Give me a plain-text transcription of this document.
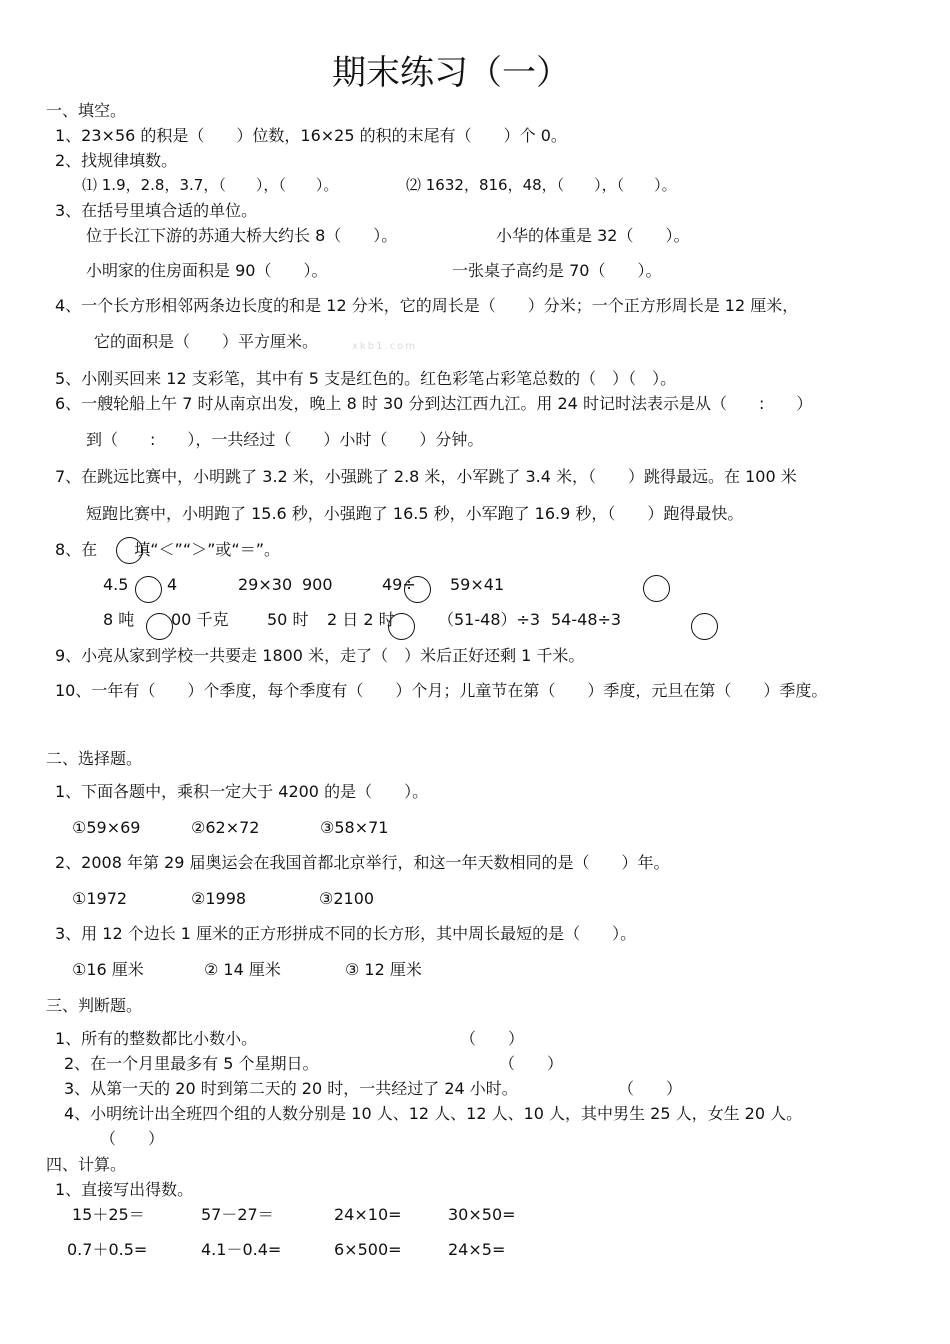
期末练习（一）
一、填空。
1、23×56 的积是（　　）位数，16×25 的积的末尾有（　　）个 0。
2、找规律填数。
⑴ 1.9，2.8，3.7，（　　），（　　）。	⑵ 1632，816，48，（　　），（　　）。
3、在括号里填合适的单位。
位于长江下游的苏通大桥大约长 8（　　）。	小华的体重是 32（　　）。
小明家的住房面积是 90（　　）。	一张桌子高约是 70（　　）。
4、一个长方形相邻两条边长度的和是 12 分米，它的周长是（　　）分米；一个正方形周长是 12 厘米，
它的面积是（　　）平方厘米。	xkb1.com
5、小刚买回来 12 支彩笔，其中有 5 支是红色的。红色彩笔占彩笔总数的（　）（　）。
6、一艘轮船上午 7 时从南京出发，晚上 8 时 30 分到达江西九江。用 24 时记时法表示是从（　　:　　）
到（　　:　　），一共经过（　　）小时（　　）分钟。
7、在跳远比赛中，小明跳了 3.2 米，小强跳了 2.8 米，小军跳了 3.4 米，（　　）跳得最远。在 100 米
短跑比赛中，小明跑了 15.6 秒，小强跑了 16.5 秒，小军跑了 16.9 秒，（　　）跑得最快。
8、在 　　填“＜”“＞”或“＝”。
4.5 4	29×30 900	49÷ 59×41
8 吨 00 千克 50 时 2 日 2 时	（51-48）÷3 54-48÷3
9、小亮从家到学校一共要走 1800 米，走了（　）米后正好还剩 1 千米。
10、一年有（　　）个季度，每个季度有（　　）个月；儿童节在第（　　）季度，元旦在第（　　）季度。
二、选择题。
1、下面各题中，乘积一定大于 4200 的是（　　）。
①59×69	②62×72	③58×71
2、2008 年第 29 届奥运会在我国首都北京举行，和这一年天数相同的是（　　）年。
①1972	②1998	③2100
3、用 12 个边长 1 厘米的正方形拼成不同的长方形，其中周长最短的是（　　）。
①16 厘米	② 14 厘米	③ 12 厘米
三、判断题。
1、所有的整数都比小数小。	（　　）
2、在一个月里最多有 5 个星期日。	（　　）
3、从第一天的 20 时到第二天的 20 时，一共经过了 24 小时。	（　　）
4、小明统计出全班四个组的人数分别是 10 人、12 人、12 人、10 人，其中男生 25 人，女生 20 人。
（　　）
四、计算。
1、直接写出得数。
15＋25＝	57－27＝	24×10=	30×50=
0.7＋0.5=	4.1－0.4=	6×500=	24×5=
